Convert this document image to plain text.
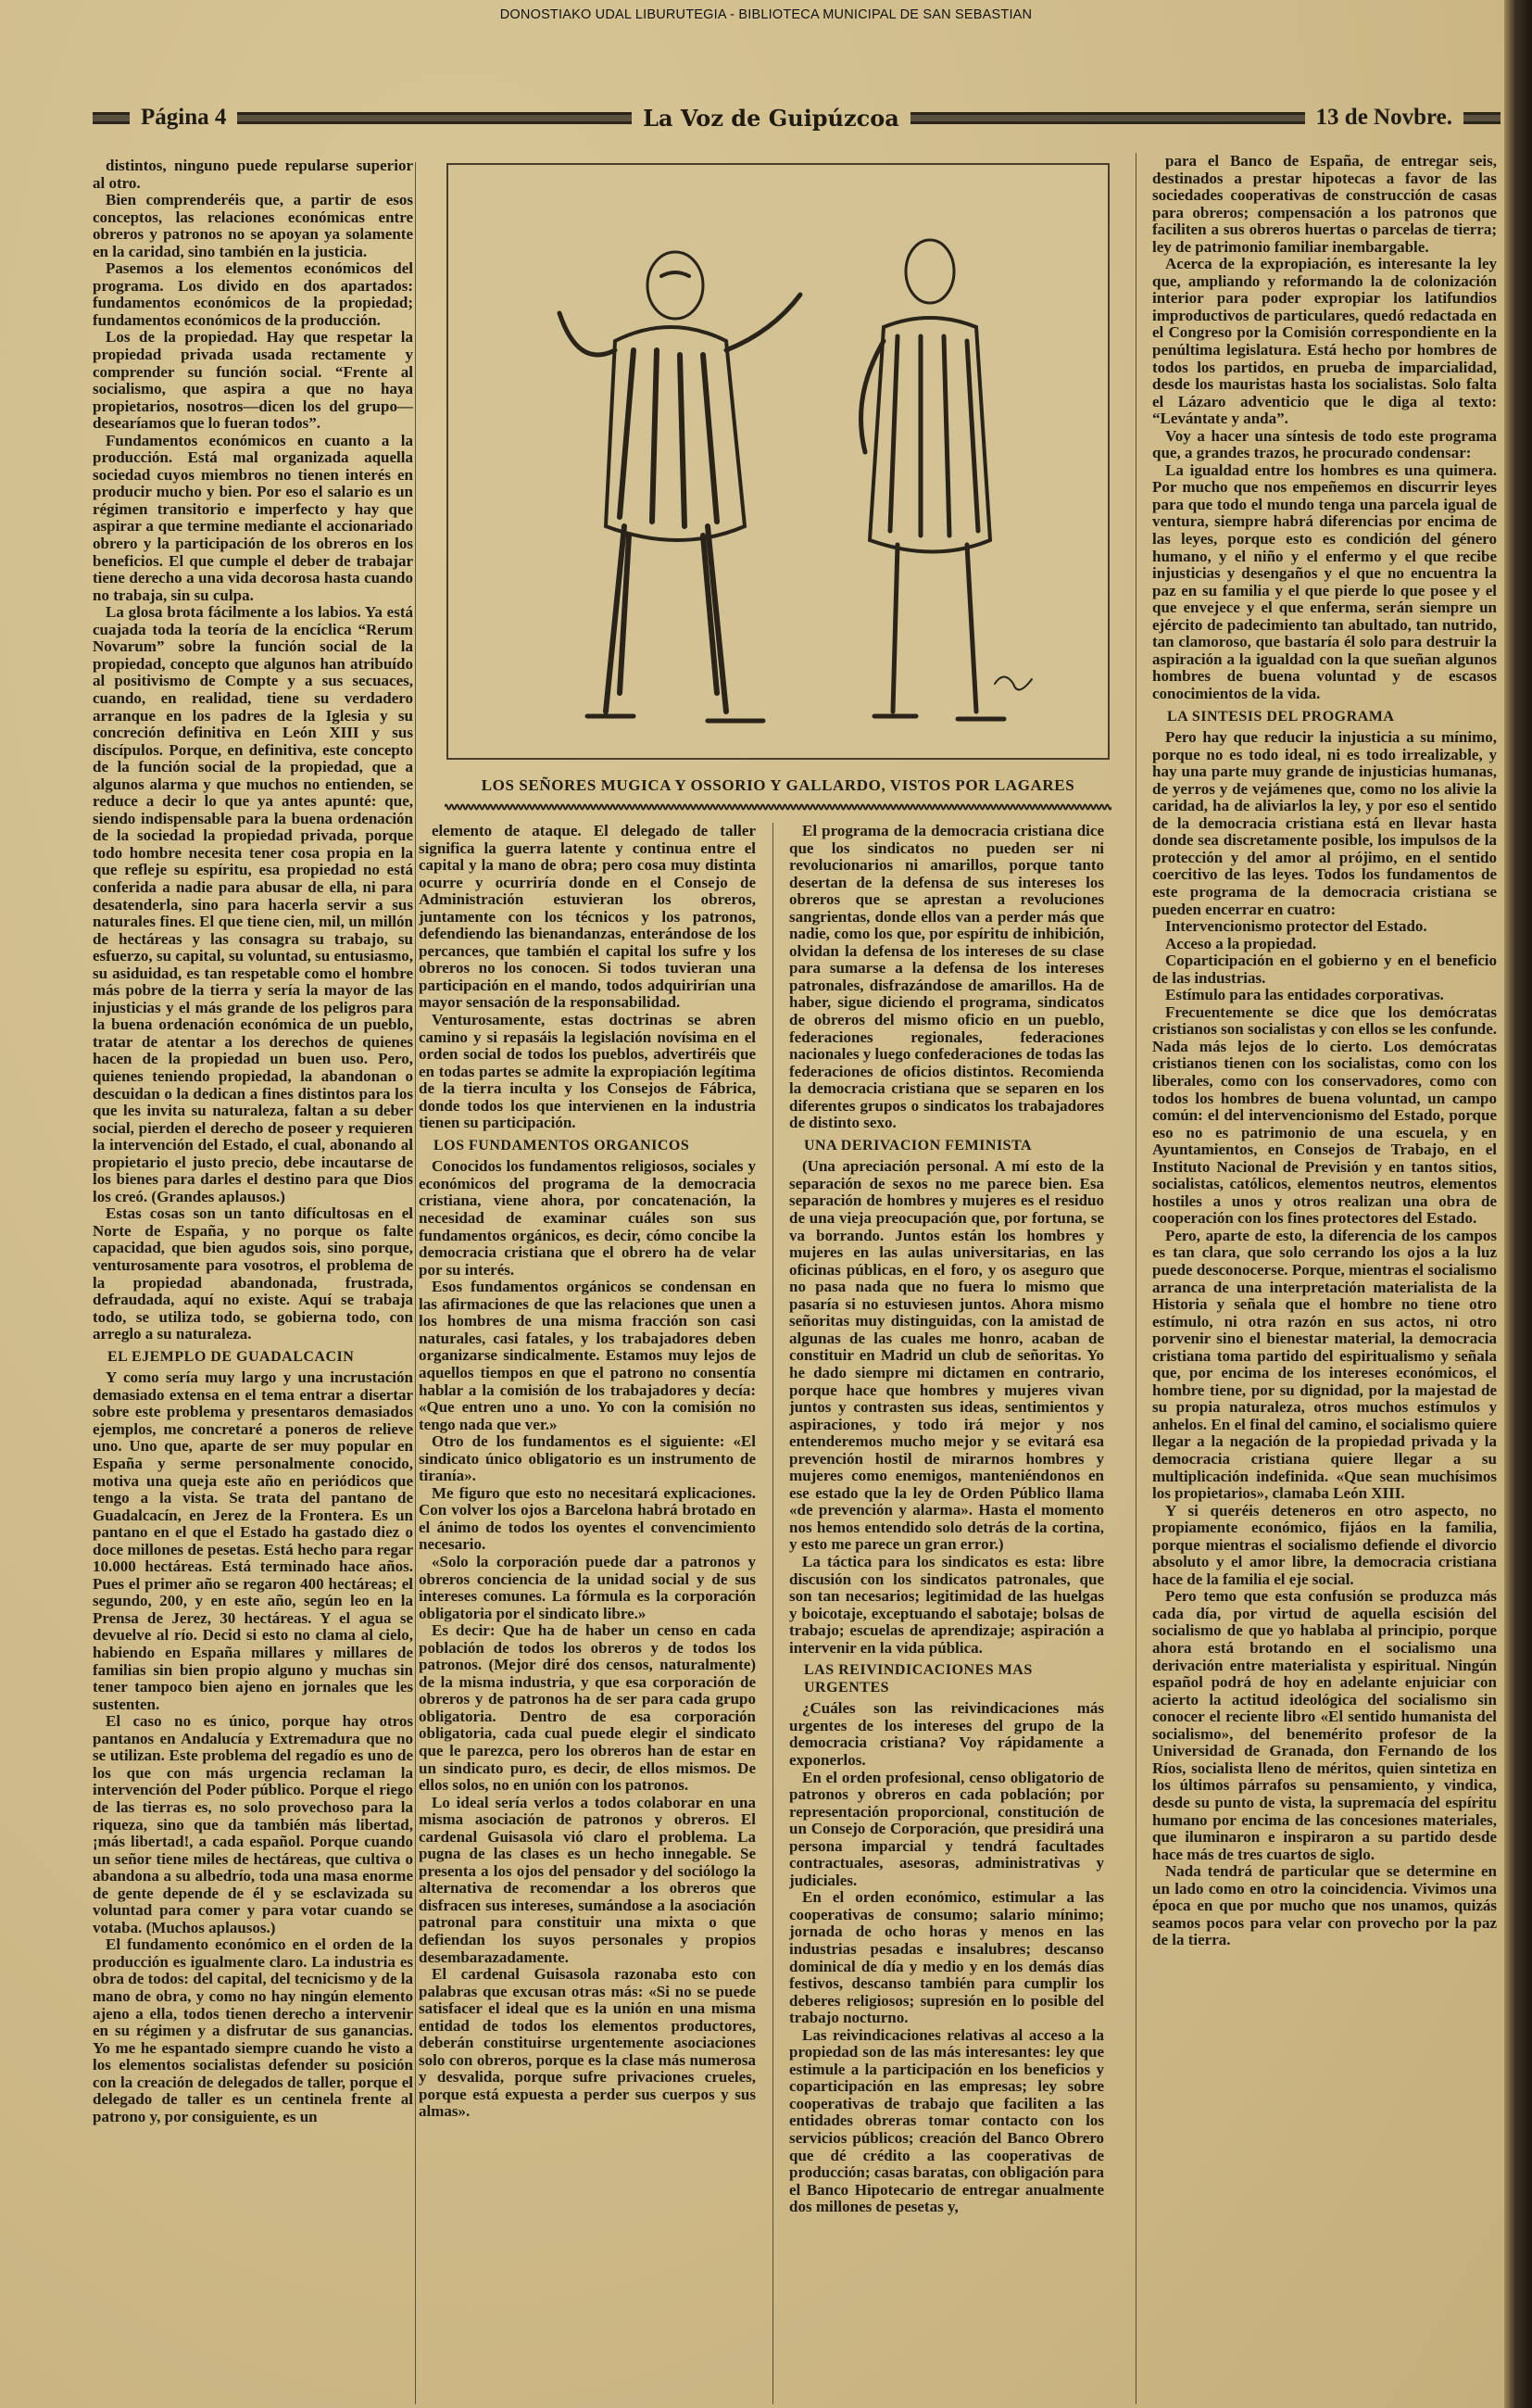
DONOSTIAKO UDAL LIBURUTEGIA - BIBLIOTECA MUNICIPAL DE SAN SEBASTIAN
Página 4	La Voz de Guipúzcoa	13 de Novbre.
LOS SEÑORES MUGICA Y OSSORIO Y GALLARDO, VISTOS POR LAGARES

distintos, ninguno puede repularse superior al otro.

Bien comprenderéis que, a partir de esos conceptos, las relaciones económicas entre obreros y patronos no se apoyan ya solamente en la caridad, sino también en la justicia.

Pasemos a los elementos económicos del programa. Los divido en dos apartados: fundamentos económicos de la propiedad; fundamentos económicos de la producción.

Los de la propiedad. Hay que respetar la propiedad privada usada rectamente y comprender su función social. “Frente al socialismo, que aspira a que no haya propietarios, nosotros—dicen los del grupo— desearíamos que lo fueran todos”.

Fundamentos económicos en cuanto a la producción. Está mal organizada aquella sociedad cuyos miembros no tienen interés en producir mucho y bien. Por eso el salario es un régimen transitorio e imperfecto y hay que aspirar a que termine mediante el accionariado obrero y la participación de los obreros en los beneficios. El que cumple el deber de trabajar tiene derecho a una vida decorosa hasta cuando no trabaja, sin su culpa.

La glosa brota fácilmente a los labios. Ya está cuajada toda la teoría de la encíclica “Rerum Novarum” sobre la función social de la propiedad, concepto que algunos han atribuído al positivismo de Compte y a sus secuaces, cuando, en realidad, tiene su verdadero arranque en los padres de la Iglesia y su concreción definitiva en León XIII y sus discípulos. Porque, en definitiva, este concepto de la función social de la propiedad, que a algunos alarma y que muchos no entienden, se reduce a decir lo que ya antes apunté: que, siendo indispensable para la buena ordenación de la sociedad la propiedad privada, porque todo hombre necesita tener cosa propia en la que refleje su espíritu, esa propiedad no está conferida a nadie para abusar de ella, ni para desatenderla, sino para hacerla servir a sus naturales fines. El que tiene cien, mil, un millón de hectáreas y las consagra su trabajo, su esfuerzo, su capital, su voluntad, su entusiasmo, su asiduidad, es tan respetable como el hombre más pobre de la tierra y sería la mayor de las injusticias y el más grande de los peligros para la buena ordenación económica de un pueblo, tratar de atentar a los derechos de quienes hacen de la propiedad un buen uso. Pero, quienes teniendo propiedad, la abandonan o descuidan o la dedican a fines distintos para los que les invita su naturaleza, faltan a su deber social, pierden el derecho de poseer y requieren la intervención del Estado, el cual, abonando al propietario el justo precio, debe incautarse de los bienes para darles el destino para que Dios los creó. (Grandes aplausos.)

Estas cosas son un tanto difícultosas en el Norte de España, y no porque os falte capacidad, que bien agudos sois, sino porque, venturosamente para vosotros, el problema de la propiedad abandonada, frustrada, defraudada, aquí no existe. Aquí se trabaja todo, se utiliza todo, se gobierna todo, con arreglo a su naturaleza.

EL EJEMPLO DE GUADALCACIN

Y como sería muy largo y una incrustación demasiado extensa en el tema entrar a disertar sobre este problema y presentaros demasiados ejemplos, me concretaré a poneros de relieve uno. Uno que, aparte de ser muy popular en España y serme personalmente conocido, motiva una queja este año en periódicos que tengo a la vista. Se trata del pantano de Guadalcacín, en Jerez de la Frontera. Es un pantano en el que el Estado ha gastado diez o doce millones de pesetas. Está hecho para regar 10.000 hectáreas. Está terminado hace años. Pues el primer año se regaron 400 hectáreas; el segundo, 200, y en este año, según leo en la Prensa de Jerez, 30 hectáreas. Y el agua se devuelve al río. Decid si esto no clama al cielo, habiendo en España millares y millares de familias sin bien propio alguno y muchas sin tener tampoco bien ajeno en jornales que les sustenten.

El caso no es único, porque hay otros pantanos en Andalucía y Extremadura que no se utilizan. Este problema del regadío es uno de los que con más urgencia reclaman la intervención del Poder público. Porque el riego de las tierras es, no solo provechoso para la riqueza, sino que da también más libertad, ¡más libertad!, a cada español. Porque cuando un señor tiene miles de hectáreas, que cultiva o abandona a su albedrío, toda una masa enorme de gente depende de él y se esclavizada su voluntad para comer y para votar cuando se votaba. (Muchos aplausos.)

El fundamento económico en el orden de la producción es igualmente claro. La industria es obra de todos: del capital, del tecnicismo y de la mano de obra, y como no hay ningún elemento ajeno a ella, todos tienen derecho a intervenir en su régimen y a disfrutar de sus ganancias. Yo me he espantado siempre cuando he visto a los elementos socialistas defender su posición con la creación de delegados de taller, porque el delegado de taller es un centinela frente al patrono y, por consiguiente, es un

elemento de ataque. El delegado de taller significa la guerra latente y continua entre el capital y la mano de obra; pero cosa muy distinta ocurre y ocurriría donde en el Consejo de Administración estuvieran los obreros, juntamente con los técnicos y los patronos, defendiendo las bienandanzas, enterándose de los percances, que también el capital los sufre y los obreros no los conocen. Si todos tuvieran una participación en el mando, todos adquirirían una mayor sensación de la responsabilidad.

Venturosamente, estas doctrinas se abren camino y si repasáis la legislación novísima en el orden social de todos los pueblos, advertiréis que en todas partes se admite la expropiación legítima de la tierra inculta y los Consejos de Fábrica, donde todos los que intervienen en la industria tienen su participación.

LOS FUNDAMENTOS ORGANICOS

Conocidos los fundamentos religiosos, sociales y económicos del programa de la democracia cristiana, viene ahora, por concatenación, la necesidad de examinar cuáles son sus fundamentos orgánicos, es decir, cómo concibe la democracia cristiana que el obrero ha de velar por su interés.

Esos fundamentos orgánicos se condensan en las afirmaciones de que las relaciones que unen a los hombres de una misma fracción son casi naturales, casi fatales, y los trabajadores deben organizarse sindicalmente. Estamos muy lejos de aquellos tiempos en que el patrono no consentía hablar a la comisión de los trabajadores y decía: «Que entren uno a uno. Yo con la comisión no tengo nada que ver.»

Otro de los fundamentos es el siguiente: «El sindicato único obligatorio es un instrumento de tiranía».

Me figuro que esto no necesitará explicaciones. Con volver los ojos a Barcelona habrá brotado en el ánimo de todos los oyentes el convencimiento necesario.

«Solo la corporación puede dar a patronos y obreros conciencia de la unidad social y de sus intereses comunes. La fórmula es la corporación obligatoria por el sindicato libre.»

Es decir: Que ha de haber un censo en cada población de todos los obreros y de todos los patronos. (Mejor diré dos censos, naturalmente) de la misma industria, y que esa corporación de obreros y de patronos ha de ser para cada grupo obligatoria. Dentro de esa corporación obligatoria, cada cual puede elegir el sindicato que le parezca, pero los obreros han de estar en un sindicato puro, es decir, de ellos mismos. De ellos solos, no en unión con los patronos.

Lo ideal sería verlos a todos colaborar en una misma asociación de patronos y obreros. El cardenal Guisasola vió claro el problema. La pugna de las clases es un hecho innegable. Se presenta a los ojos del pensador y del sociólogo la alternativa de recomendar a los obreros que disfracen sus intereses, sumándose a la asociación patronal para constituir una mixta o que defiendan los suyos personales y propios desembarazadamente.

El cardenal Guisasola razonaba esto con palabras que excusan otras más: «Si no se puede satisfacer el ideal que es la unión en una misma entidad de todos los elementos productores, deberán constituirse urgentemente asociaciones solo con obreros, porque es la clase más numerosa y desvalida, porque sufre privaciones crueles, porque está expuesta a perder sus cuerpos y sus almas».

El programa de la democracia cristiana dice que los sindicatos no pueden ser ni revolucionarios ni amarillos, porque tanto desertan de la defensa de sus intereses los obreros que se aprestan a revoluciones sangrientas, donde ellos van a perder más que nadie, como los que, por espíritu de inhibición, olvidan la defensa de los intereses de su clase para sumarse a la defensa de los intereses patronales, disfrazándose de amarillos. Ha de haber, sigue diciendo el programa, sindicatos de obreros del mismo oficio en un pueblo, federaciones regionales, federaciones nacionales y luego confederaciones de todas las federaciones de oficios distintos. Recomienda la democracia cristiana que se separen en los diferentes grupos o sindicatos los trabajadores de distinto sexo.

UNA DERIVACION FEMINISTA

(Una apreciación personal. A mí esto de la separación de sexos no me parece bien. Esa separación de hombres y mujeres es el residuo de una vieja preocupación que, por fortuna, se va borrando. Juntos están los hombres y mujeres en las aulas universitarias, en las oficinas públicas, en el foro, y os aseguro que no pasa nada que no fuera lo mismo que pasaría si no estuviesen juntos. Ahora mismo señoritas muy distinguidas, con la amistad de algunas de las cuales me honro, acaban de constituir en Madrid un club de señoritas. Yo he dado siempre mi dictamen en contrario, porque hace que hombres y mujeres vivan juntos y contrasten sus ideas, sentimientos y aspiraciones, y todo irá mejor y nos entenderemos mucho mejor y se evitará esa prevención hostil de mirarnos hombres y mujeres como enemigos, manteniéndonos en ese estado que la ley de Orden Público llama «de prevención y alarma». Hasta el momento nos hemos entendido solo detrás de la cortina, y esto me parece un gran error.)

La táctica para los sindicatos es esta: libre discusión con los sindicatos patronales, que son tan necesarios; legitimidad de las huelgas y boicotaje, exceptuando el sabotaje; bolsas de trabajo; escuelas de aprendizaje; aspiración a intervenir en la vida pública.

LAS REIVINDICACIONES MAS URGENTES

¿Cuáles son las reivindicaciones más urgentes de los intereses del grupo de la democracia cristiana? Voy rápidamente a exponerlos.

En el orden profesional, censo obligatorio de patronos y obreros en cada población; por representación proporcional, constitución de un Consejo de Corporación, que presidirá una persona imparcial y tendrá facultades contractuales, asesoras, administrativas y judiciales.

En el orden económico, estimular a las cooperativas de consumo; salario mínimo; jornada de ocho horas y menos en las industrias pesadas e insalubres; descanso dominical de día y medio y en los demás días festivos, descanso también para cumplir los deberes religiosos; supresión en lo posible del trabajo nocturno.

Las reivindicaciones relativas al acceso a la propiedad son de las más interesantes: ley que estimule a la participación en los beneficios y coparticipación en las empresas; ley sobre cooperativas de trabajo que faciliten a las entidades obreras tomar contacto con los servicios públicos; creación del Banco Obrero que dé crédito a las cooperativas de producción; casas baratas, con obligación para el Banco Hipotecario de entregar anualmente dos millones de pesetas y,

para el Banco de España, de entregar seis, destinados a prestar hipotecas a favor de las sociedades cooperativas de construcción de casas para obreros; compensación a los patronos que faciliten a sus obreros huertas o parcelas de tierra; ley de patrimonio familiar inembargable.

Acerca de la expropiación, es interesante la ley que, ampliando y reformando la de colonización interior para poder expropiar los latifundios improductivos de particulares, quedó redactada en el Congreso por la Comisión correspondiente en la penúltima legislatura. Está hecho por hombres de todos los partidos, en prueba de imparcialidad, desde los mauristas hasta los socialistas. Solo falta el Lázaro adventicio que le diga al texto: “Levántate y anda”.

Voy a hacer una síntesis de todo este programa que, a grandes trazos, he procurado condensar:

La igualdad entre los hombres es una quimera. Por mucho que nos empeñemos en discurrir leyes para que todo el mundo tenga una parcela igual de ventura, siempre habrá diferencias por encima de las leyes, porque esto es condición del género humano, y el niño y el enfermo y el que recibe injusticias y desengaños y el que no encuentra la paz en su familia y el que pierde lo que posee y el que envejece y el que enferma, serán siempre un ejército de padecimiento tan abultado, tan nutrido, tan clamoroso, que bastaría él solo para destruir la aspiración a la igualdad con la que sueñan algunos hombres de buena voluntad y de escasos conocimientos de la vida.

LA SINTESIS DEL PROGRAMA

Pero hay que reducir la injusticia a su mínimo, porque no es todo ideal, ni es todo irrealizable, y hay una parte muy grande de injusticias humanas, de yerros y de vejámenes que, como no los alivie la caridad, ha de aliviarlos la ley, y por eso el sentido de la democracia cristiana está en llevar hasta donde sea discretamente posible, los impulsos de la protección y del amor al prójimo, en el sentido coercitivo de las leyes. Todos los fundamentos de este programa de la democracia cristiana se pueden encerrar en cuatro:

Intervencionismo protector del Estado.

Acceso a la propiedad.

Coparticipación en el gobierno y en el beneficio de las industrias.

Estímulo para las entidades corporativas.

Frecuentemente se dice que los demócratas cristianos son socialistas y con ellos se les confunde. Nada más lejos de lo cierto. Los demócratas cristianos tienen con los socialistas, como con los liberales, como con los conservadores, como con todos los hombres de buena voluntad, un campo común: el del intervencionismo del Estado, porque eso no es patrimonio de una escuela, y en Ayuntamientos, en Consejos de Trabajo, en el Instituto Nacional de Previsión y en tantos sitios, socialistas, católicos, elementos neutros, elementos hostiles a unos y otros realizan una obra de cooperación con los fines protectores del Estado.

Pero, aparte de esto, la diferencia de los campos es tan clara, que solo cerrando los ojos a la luz puede desconocerse. Porque, mientras el socialismo arranca de una interpretación materialista de la Historia y señala que el hombre no tiene otro estímulo, ni otra razón en sus actos, ni otro porvenir sino el bienestar material, la democracia cristiana toma partido del espiritualismo y señala que, por encima de los intereses económicos, el hombre tiene, por su dignidad, por la majestad de su propia naturaleza, otros muchos estímulos y anhelos. En el final del camino, el socialismo quiere llegar a la negación de la propiedad privada y la democracia cristiana quiere llegar a su multiplicación indefinida. «Que sean muchísimos los propietarios», clamaba León XIII.

Y si queréis deteneros en otro aspecto, no propiamente económico, fijáos en la familia, porque mientras el socialismo defiende el divorcio absoluto y el amor libre, la democracia cristiana hace de la familia el eje social.

Pero temo que esta confusión se produzca más cada día, por virtud de aquella escisión del socialismo de que yo hablaba al principio, porque ahora está brotando en el socialismo una derivación entre materialista y espiritual. Ningún español podrá de hoy en adelante enjuiciar con acierto la actitud ideológica del socialismo sin conocer el reciente libro «El sentido humanista del socialismo», del benemérito profesor de la Universidad de Granada, don Fernando de los Ríos, socialista lleno de méritos, quien sintetiza en los últimos párrafos su pensamiento, y vindica, desde su punto de vista, la supremacía del espíritu humano por encima de las concesiones materiales, que iluminaron e inspiraron a su partido desde hace más de tres cuartos de siglo.

Nada tendrá de particular que se determine en un lado como en otro la coincidencia. Vivimos una época en que por mucho que nos unamos, quizás seamos pocos para velar con provecho por la paz de la tierra.
